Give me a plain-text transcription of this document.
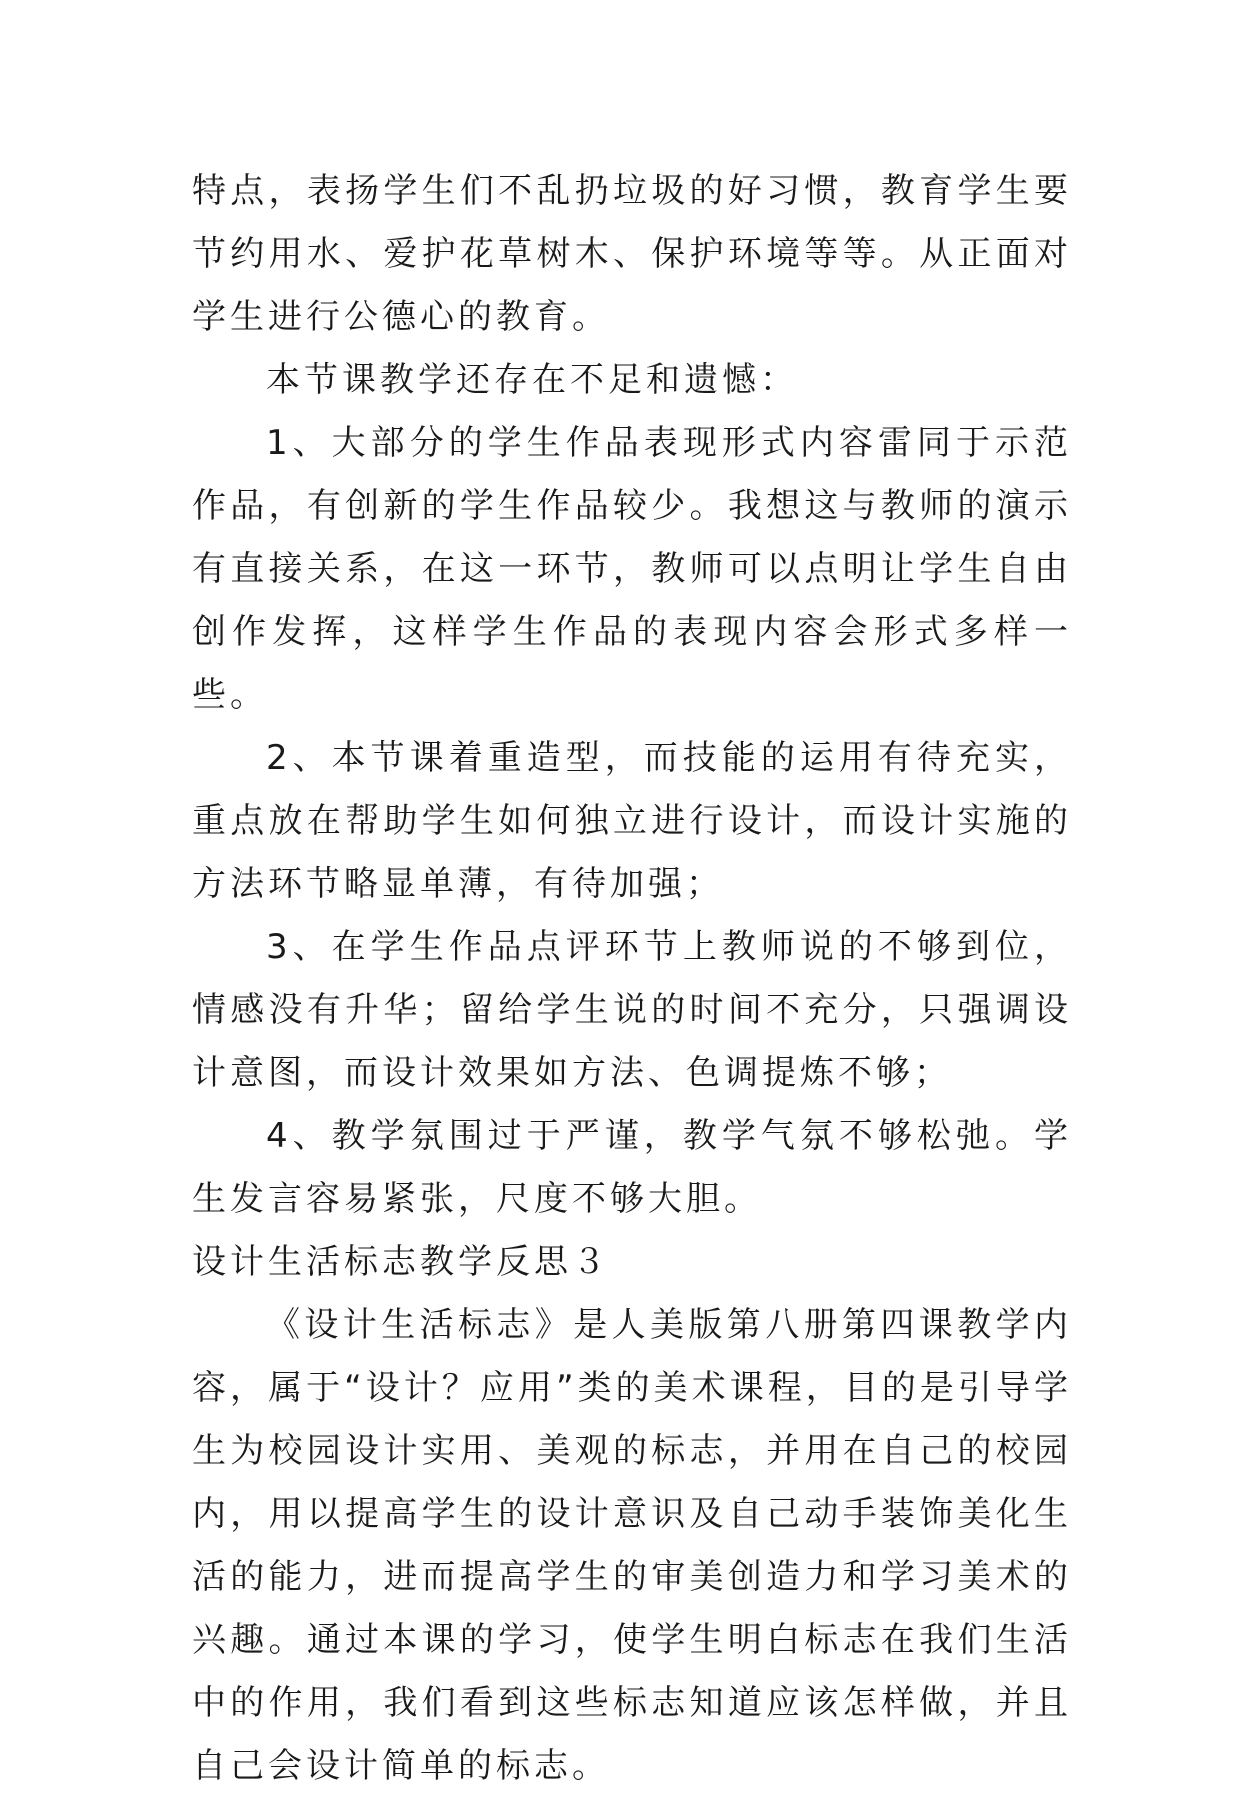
特点，表扬学生们不乱扔垃圾的好习惯，教育学生要节约用水、爱护花草树木、保护环境等等。从正面对学生进行公德心的教育。

本节课教学还存在不足和遗憾：

1、大部分的学生作品表现形式内容雷同于示范作品，有创新的学生作品较少。我想这与教师的演示有直接关系，在这一环节，教师可以点明让学生自由创作发挥，这样学生作品的表现内容会形式多样一些。

2、本节课着重造型，而技能的运用有待充实，重点放在帮助学生如何独立进行设计，而设计实施的方法环节略显单薄，有待加强；

3、在学生作品点评环节上教师说的不够到位，情感没有升华；留给学生说的时间不充分，只强调设计意图，而设计效果如方法、色调提炼不够；

4、教学氛围过于严谨，教学气氛不够松弛。学生发言容易紧张，尺度不够大胆。

设计生活标志教学反思３

《设计生活标志》是人美版第八册第四课教学内容，属于“设计？应用”类的美术课程，目的是引导学生为校园设计实用、美观的标志，并用在自己的校园内，用以提高学生的设计意识及自己动手装饰美化生活的能力，进而提高学生的审美创造力和学习美术的兴趣。通过本课的学习，使学生明白标志在我们生活中的作用，我们看到这些标志知道应该怎样做，并且自己会设计简单的标志。
